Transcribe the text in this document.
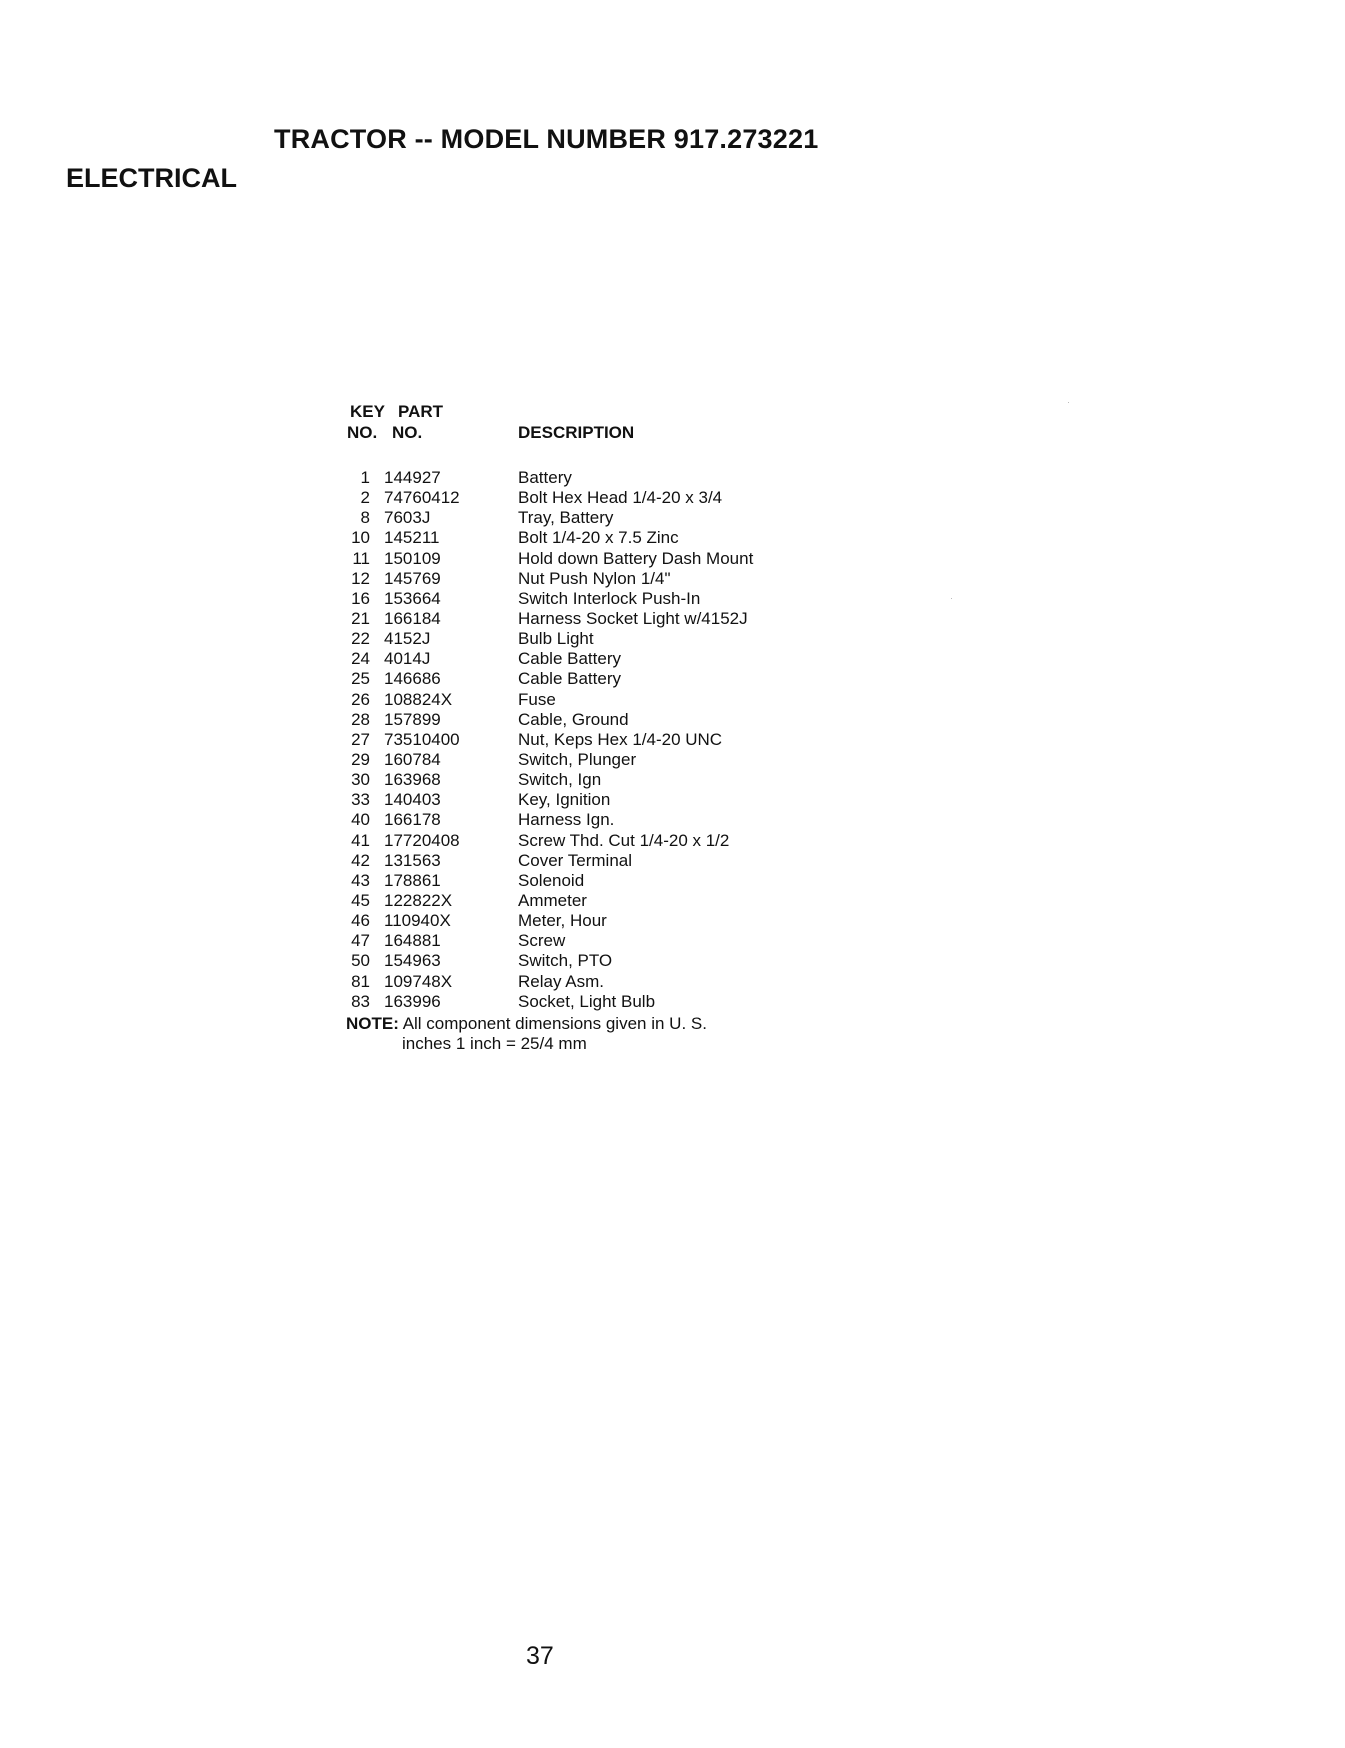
TRACTOR -- MODEL NUMBER 917.273221
ELECTRICAL
KEY PART
NO. NO.	DESCRIPTION
1 144927	Battery
2 74760412	Bolt Hex Head 1/4-20 x 3/4
8 7603J	Tray, Battery
10 145211	Bolt 1/4-20 x 7.5 Zinc
11 150109	Hold down Battery Dash Mount
12 145769	Nut Push Nylon 1/4"
16 153664	Switch Interlock Push-In
21 166184	Harness Socket Light w/4152J
22 4152J	Bulb Light
24 4014J	Cable Battery
25 146686	Cable Battery
26 108824X	Fuse
28 157899	Cable, Ground
27 73510400	Nut, Keps Hex 1/4-20 UNC
29 160784	Switch, Plunger
30 163968	Switch, Ign
33 140403	Key, Ignition
40 166178	Harness Ign.
41 17720408	Screw Thd. Cut 1/4-20 x 1/2
42 131563	Cover Terminal
43 178861	Solenoid
45 122822X	Ammeter
46 110940X	Meter, Hour
47 164881	Screw
50 154963	Switch, PTO
81 109748X	Relay Asm.
83 163996	Socket, Light Bulb
NOTE: All component dimensions given in U. S.
inches 1 inch = 25/4 mm
37
